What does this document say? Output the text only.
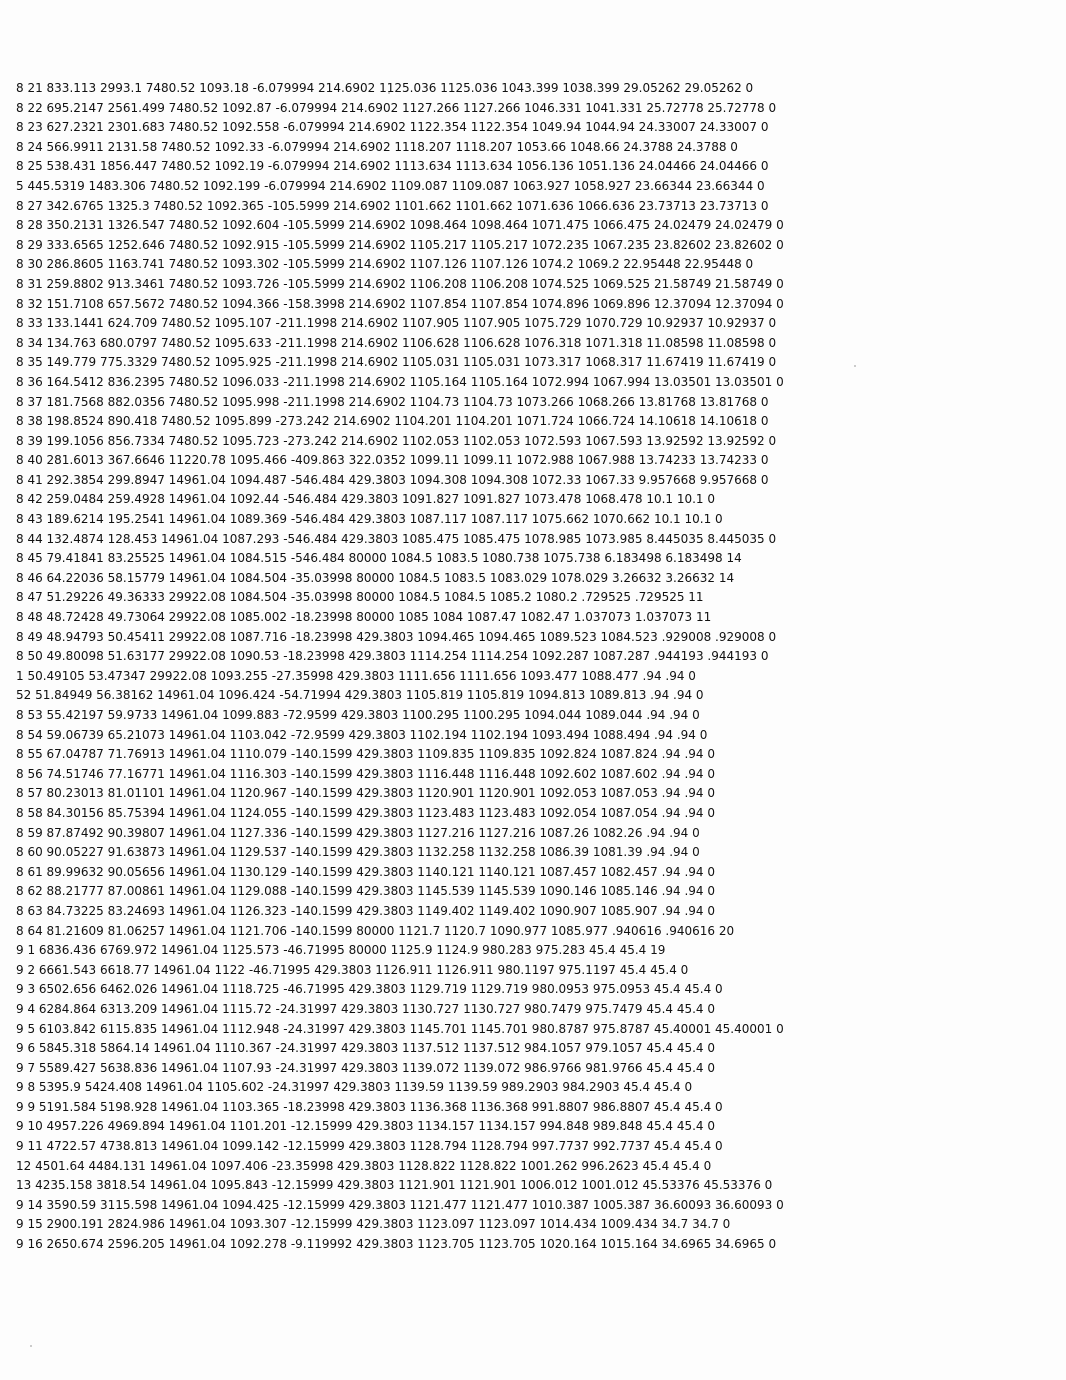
8 21 833.113 2993.1 7480.52 1093.18 -6.079994 214.6902 1125.036 1125.036 1043.399 1038.399 29.05262 29.05262 0
8 22 695.2147 2561.499 7480.52 1092.87 -6.079994 214.6902 1127.266 1127.266 1046.331 1041.331 25.72778 25.72778 0
8 23 627.2321 2301.683 7480.52 1092.558 -6.079994 214.6902 1122.354 1122.354 1049.94 1044.94 24.33007 24.33007 0
8 24 566.9911 2131.58 7480.52 1092.33 -6.079994 214.6902 1118.207 1118.207 1053.66 1048.66 24.3788 24.3788 0
8 25 538.431 1856.447 7480.52 1092.19 -6.079994 214.6902 1113.634 1113.634 1056.136 1051.136 24.04466 24.04466 0
5 445.5319 1483.306 7480.52 1092.199 -6.079994 214.6902 1109.087 1109.087 1063.927 1058.927 23.66344 23.66344 0
8 27 342.6765 1325.3 7480.52 1092.365 -105.5999 214.6902 1101.662 1101.662 1071.636 1066.636 23.73713 23.73713 0
8 28 350.2131 1326.547 7480.52 1092.604 -105.5999 214.6902 1098.464 1098.464 1071.475 1066.475 24.02479 24.02479 0
8 29 333.6565 1252.646 7480.52 1092.915 -105.5999 214.6902 1105.217 1105.217 1072.235 1067.235 23.82602 23.82602 0
8 30 286.8605 1163.741 7480.52 1093.302 -105.5999 214.6902 1107.126 1107.126 1074.2 1069.2 22.95448 22.95448 0
8 31 259.8802 913.3461 7480.52 1093.726 -105.5999 214.6902 1106.208 1106.208 1074.525 1069.525 21.58749 21.58749 0
8 32 151.7108 657.5672 7480.52 1094.366 -158.3998 214.6902 1107.854 1107.854 1074.896 1069.896 12.37094 12.37094 0
8 33 133.1441 624.709 7480.52 1095.107 -211.1998 214.6902 1107.905 1107.905 1075.729 1070.729 10.92937 10.92937 0
8 34 134.763 680.0797 7480.52 1095.633 -211.1998 214.6902 1106.628 1106.628 1076.318 1071.318 11.08598 11.08598 0
8 35 149.779 775.3329 7480.52 1095.925 -211.1998 214.6902 1105.031 1105.031 1073.317 1068.317 11.67419 11.67419 0
8 36 164.5412 836.2395 7480.52 1096.033 -211.1998 214.6902 1105.164 1105.164 1072.994 1067.994 13.03501 13.03501 0
8 37 181.7568 882.0356 7480.52 1095.998 -211.1998 214.6902 1104.73 1104.73 1073.266 1068.266 13.81768 13.81768 0
8 38 198.8524 890.418 7480.52 1095.899 -273.242 214.6902 1104.201 1104.201 1071.724 1066.724 14.10618 14.10618 0
8 39 199.1056 856.7334 7480.52 1095.723 -273.242 214.6902 1102.053 1102.053 1072.593 1067.593 13.92592 13.92592 0
8 40 281.6013 367.6646 11220.78 1095.466 -409.863 322.0352 1099.11 1099.11 1072.988 1067.988 13.74233 13.74233 0
8 41 292.3854 299.8947 14961.04 1094.487 -546.484 429.3803 1094.308 1094.308 1072.33 1067.33 9.957668 9.957668 0
8 42 259.0484 259.4928 14961.04 1092.44 -546.484 429.3803 1091.827 1091.827 1073.478 1068.478 10.1 10.1 0
8 43 189.6214 195.2541 14961.04 1089.369 -546.484 429.3803 1087.117 1087.117 1075.662 1070.662 10.1 10.1 0
8 44 132.4874 128.453 14961.04 1087.293 -546.484 429.3803 1085.475 1085.475 1078.985 1073.985 8.445035 8.445035 0
8 45 79.41841 83.25525 14961.04 1084.515 -546.484 80000 1084.5 1083.5 1080.738 1075.738 6.183498 6.183498 14
8 46 64.22036 58.15779 14961.04 1084.504 -35.03998 80000 1084.5 1083.5 1083.029 1078.029 3.26632 3.26632 14
8 47 51.29226 49.36333 29922.08 1084.504 -35.03998 80000 1084.5 1084.5 1085.2 1080.2 .729525 .729525 11
8 48 48.72428 49.73064 29922.08 1085.002 -18.23998 80000 1085 1084 1087.47 1082.47 1.037073 1.037073 11
8 49 48.94793 50.45411 29922.08 1087.716 -18.23998 429.3803 1094.465 1094.465 1089.523 1084.523 .929008 .929008 0
8 50 49.80098 51.63177 29922.08 1090.53 -18.23998 429.3803 1114.254 1114.254 1092.287 1087.287 .944193 .944193 0
1 50.49105 53.47347 29922.08 1093.255 -27.35998 429.3803 1111.656 1111.656 1093.477 1088.477 .94 .94 0
52 51.84949 56.38162 14961.04 1096.424 -54.71994 429.3803 1105.819 1105.819 1094.813 1089.813 .94 .94 0
8 53 55.42197 59.9733 14961.04 1099.883 -72.9599 429.3803 1100.295 1100.295 1094.044 1089.044 .94 .94 0
8 54 59.06739 65.21073 14961.04 1103.042 -72.9599 429.3803 1102.194 1102.194 1093.494 1088.494 .94 .94 0
8 55 67.04787 71.76913 14961.04 1110.079 -140.1599 429.3803 1109.835 1109.835 1092.824 1087.824 .94 .94 0
8 56 74.51746 77.16771 14961.04 1116.303 -140.1599 429.3803 1116.448 1116.448 1092.602 1087.602 .94 .94 0
8 57 80.23013 81.01101 14961.04 1120.967 -140.1599 429.3803 1120.901 1120.901 1092.053 1087.053 .94 .94 0
8 58 84.30156 85.75394 14961.04 1124.055 -140.1599 429.3803 1123.483 1123.483 1092.054 1087.054 .94 .94 0
8 59 87.87492 90.39807 14961.04 1127.336 -140.1599 429.3803 1127.216 1127.216 1087.26 1082.26 .94 .94 0
8 60 90.05227 91.63873 14961.04 1129.537 -140.1599 429.3803 1132.258 1132.258 1086.39 1081.39 .94 .94 0
8 61 89.99632 90.05656 14961.04 1130.129 -140.1599 429.3803 1140.121 1140.121 1087.457 1082.457 .94 .94 0
8 62 88.21777 87.00861 14961.04 1129.088 -140.1599 429.3803 1145.539 1145.539 1090.146 1085.146 .94 .94 0
8 63 84.73225 83.24693 14961.04 1126.323 -140.1599 429.3803 1149.402 1149.402 1090.907 1085.907 .94 .94 0
8 64 81.21609 81.06257 14961.04 1121.706 -140.1599 80000 1121.7 1120.7 1090.977 1085.977 .940616 .940616 20
9 1 6836.436 6769.972 14961.04 1125.573 -46.71995 80000 1125.9 1124.9 980.283 975.283 45.4 45.4 19
9 2 6661.543 6618.77 14961.04 1122 -46.71995 429.3803 1126.911 1126.911 980.1197 975.1197 45.4 45.4 0
9 3 6502.656 6462.026 14961.04 1118.725 -46.71995 429.3803 1129.719 1129.719 980.0953 975.0953 45.4 45.4 0
9 4 6284.864 6313.209 14961.04 1115.72 -24.31997 429.3803 1130.727 1130.727 980.7479 975.7479 45.4 45.4 0
9 5 6103.842 6115.835 14961.04 1112.948 -24.31997 429.3803 1145.701 1145.701 980.8787 975.8787 45.40001 45.40001 0
9 6 5845.318 5864.14 14961.04 1110.367 -24.31997 429.3803 1137.512 1137.512 984.1057 979.1057 45.4 45.4 0
9 7 5589.427 5638.836 14961.04 1107.93 -24.31997 429.3803 1139.072 1139.072 986.9766 981.9766 45.4 45.4 0
9 8 5395.9 5424.408 14961.04 1105.602 -24.31997 429.3803 1139.59 1139.59 989.2903 984.2903 45.4 45.4 0
9 9 5191.584 5198.928 14961.04 1103.365 -18.23998 429.3803 1136.368 1136.368 991.8807 986.8807 45.4 45.4 0
9 10 4957.226 4969.894 14961.04 1101.201 -12.15999 429.3803 1134.157 1134.157 994.848 989.848 45.4 45.4 0
9 11 4722.57 4738.813 14961.04 1099.142 -12.15999 429.3803 1128.794 1128.794 997.7737 992.7737 45.4 45.4 0
12 4501.64 4484.131 14961.04 1097.406 -23.35998 429.3803 1128.822 1128.822 1001.262 996.2623 45.4 45.4 0
13 4235.158 3818.54 14961.04 1095.843 -12.15999 429.3803 1121.901 1121.901 1006.012 1001.012 45.53376 45.53376 0
9 14 3590.59 3115.598 14961.04 1094.425 -12.15999 429.3803 1121.477 1121.477 1010.387 1005.387 36.60093 36.60093 0
9 15 2900.191 2824.986 14961.04 1093.307 -12.15999 429.3803 1123.097 1123.097 1014.434 1009.434 34.7 34.7 0
9 16 2650.674 2596.205 14961.04 1092.278 -9.119992 429.3803 1123.705 1123.705 1020.164 1015.164 34.6965 34.6965 0
